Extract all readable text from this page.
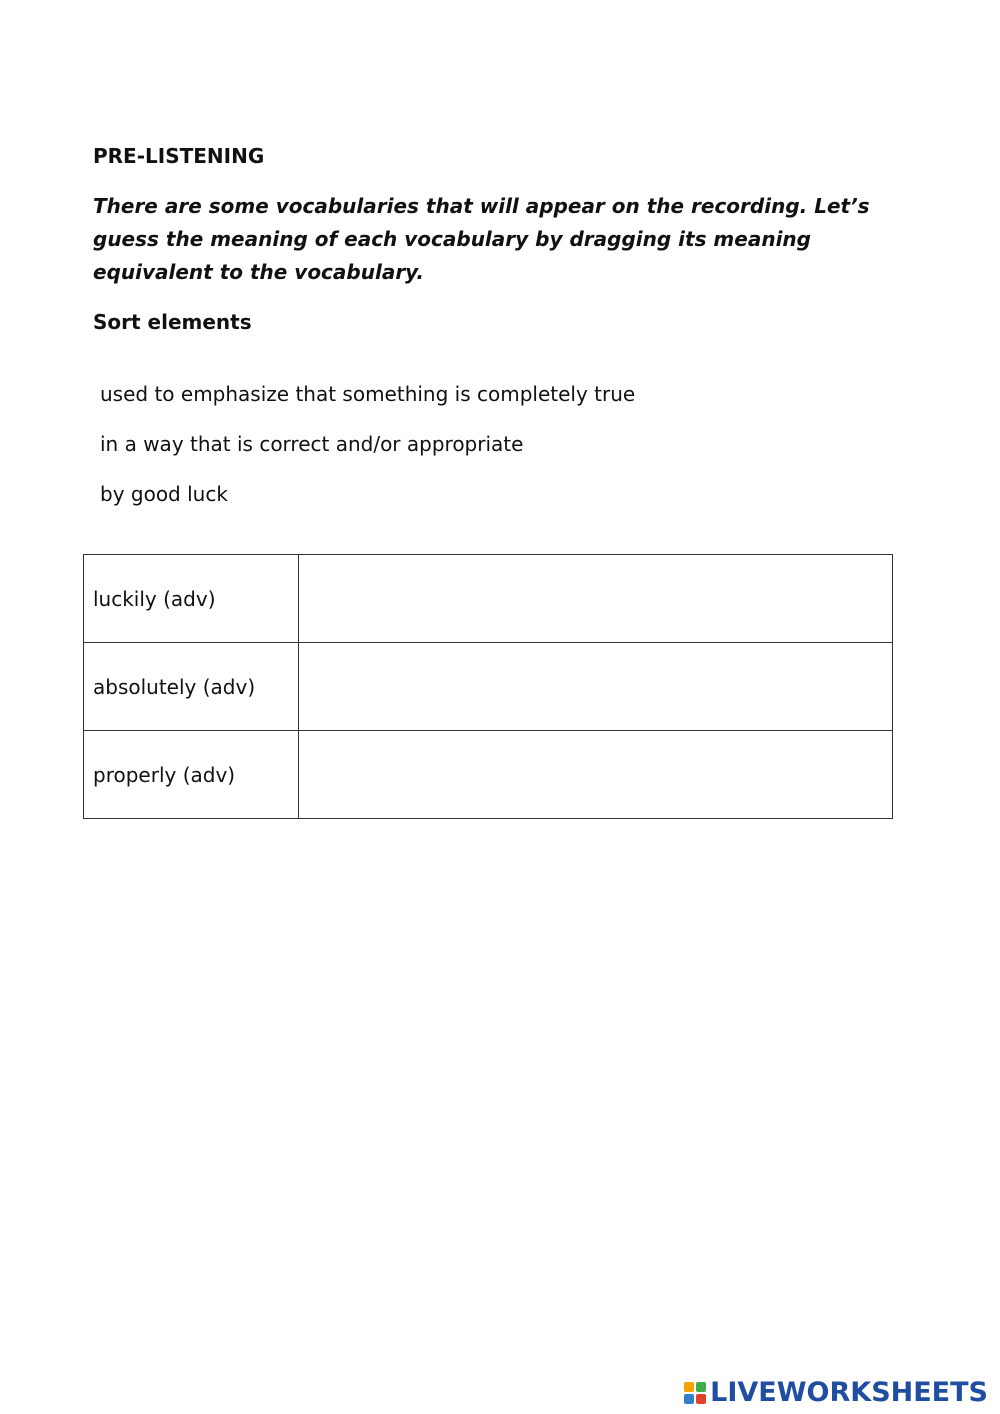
PRE-LISTENING
There are some vocabularies that will appear on the recording. Let’s guess the meaning of each vocabulary by dragging its meaning equivalent to the vocabulary.
Sort elements
used to emphasize that something is completely true
in a way that is correct and/or appropriate
by good luck
luckily (adv)	
absolutely (adv)	
properly (adv)	
LIVEWORKSHEETS
